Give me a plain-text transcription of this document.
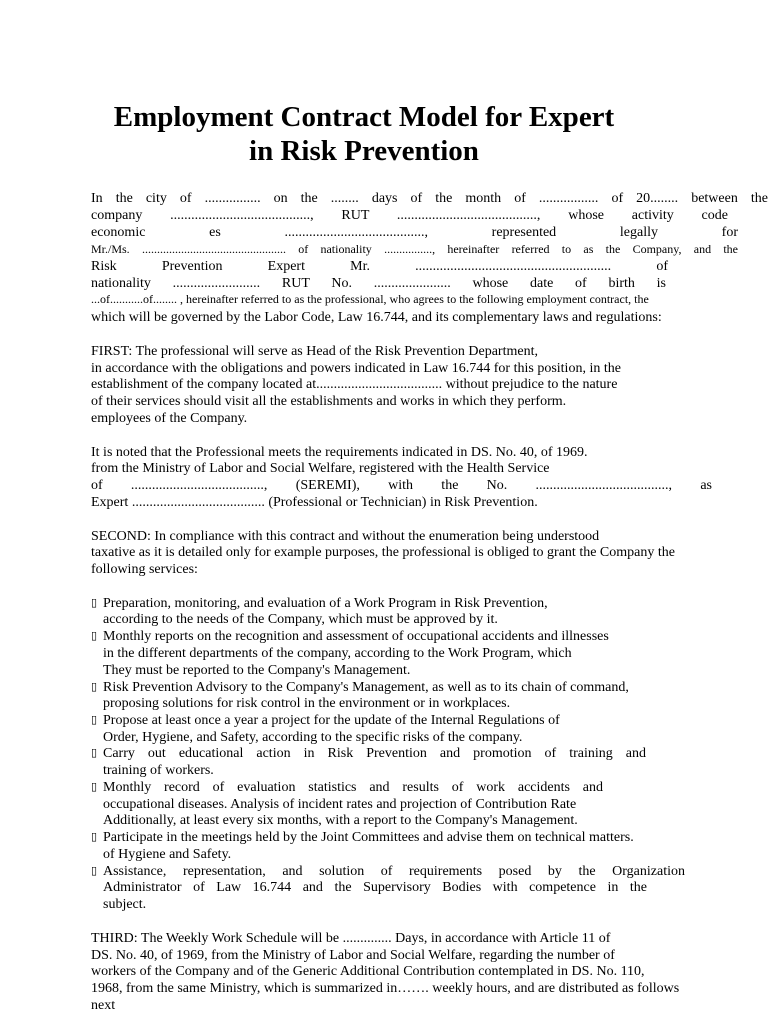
Employment Contract Model for Expert
in Risk Prevention
In the city of ................ on the ........ days of the month of ................. of 20........ between the
company ........................................, RUT ........................................, whose activity code
economic es ........................................, represented legally for
Mr./Ms. ................................................ of nationality ................, hereinafter referred to as the Company, and the
Risk Prevention Expert Mr. ........................................................ of
nationality ......................... RUT No. ...................... whose date of birth is
...of...........of........ , hereinafter referred to as the professional, who agrees to the following employment contract, the
which will be governed by the Labor Code, Law 16.744, and its complementary laws and regulations:
FIRST: The professional will serve as Head of the Risk Prevention Department,
in accordance with the obligations and powers indicated in Law 16.744 for this position, in the
establishment of the company located at.................................... without prejudice to the nature
of their services should visit all the establishments and works in which they perform.
employees of the Company.
It is noted that the Professional meets the requirements indicated in DS. No. 40, of 1969.
from the Ministry of Labor and Social Welfare, registered with the Health Service
of ......................................, (SEREMI), with the No. ......................................, as
Expert ...................................... (Professional or Technician) in Risk Prevention.
SECOND: In compliance with this contract and without the enumeration being understood
taxative as it is detailed only for example purposes, the professional is obliged to grant the Company the
following services:
▯ Preparation, monitoring, and evaluation of a Work Program in Risk Prevention,
according to the needs of the Company, which must be approved by it.
▯ Monthly reports on the recognition and assessment of occupational accidents and illnesses
in the different departments of the company, according to the Work Program, which
They must be reported to the Company's Management.
▯ Risk Prevention Advisory to the Company's Management, as well as to its chain of command,
proposing solutions for risk control in the environment or in workplaces.
▯ Propose at least once a year a project for the update of the Internal Regulations of
Order, Hygiene, and Safety, according to the specific risks of the company.
▯ Carry out educational action in Risk Prevention and promotion of training and
training of workers.
▯ Monthly record of evaluation statistics and results of work accidents and
occupational diseases. Analysis of incident rates and projection of Contribution Rate
Additionally, at least every six months, with a report to the Company's Management.
▯ Participate in the meetings held by the Joint Committees and advise them on technical matters.
of Hygiene and Safety.
▯ Assistance, representation, and solution of requirements posed by the Organization
Administrator of Law 16.744 and the Supervisory Bodies with competence in the
subject.
THIRD: The Weekly Work Schedule will be .............. Days, in accordance with Article 11 of
DS. No. 40, of 1969, from the Ministry of Labor and Social Welfare, regarding the number of
workers of the Company and of the Generic Additional Contribution contemplated in DS. No. 110,
1968, from the same Ministry, which is summarized in……. weekly hours, and are distributed as follows
next
